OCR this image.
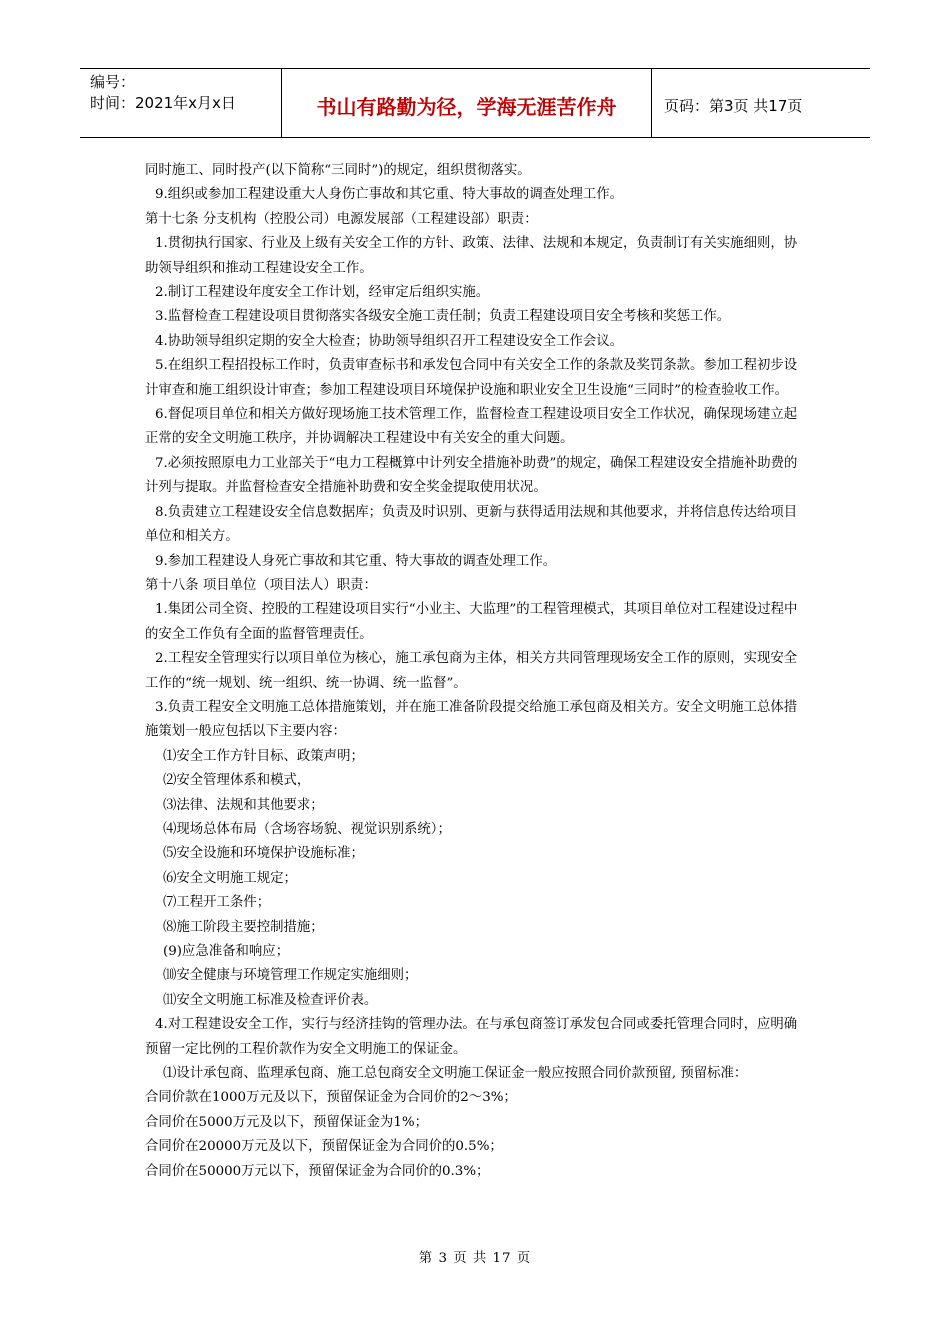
编号：
时间：2021年x月x日	书山有路勤为径，学海无涯苦作舟	页码：第3页 共17页

同时施工、同时投产(以下简称“三同时”)的规定，组织贯彻落实。

9.组织或参加工程建设重大人身伤亡事故和其它重、特大事故的调查处理工作。

第十七条 分支机构（控股公司）电源发展部（工程建设部）职责：

1.贯彻执行国家、行业及上级有关安全工作的方针、政策、法律、法规和本规定，负责制订有关实施细则，协助领导组织和推动工程建设安全工作。

2.制订工程建设年度安全工作计划，经审定后组织实施。

3.监督检查工程建设项目贯彻落实各级安全施工责任制；负责工程建设项目安全考核和奖惩工作。

4.协助领导组织定期的安全大检查；协助领导组织召开工程建设安全工作会议。

5.在组织工程招投标工作时，负责审查标书和承发包合同中有关安全工作的条款及奖罚条款。参加工程初步设计审查和施工组织设计审查；参加工程建设项目环境保护设施和职业安全卫生设施“三同时”的检查验收工作。

6.督促项目单位和相关方做好现场施工技术管理工作，监督检查工程建设项目安全工作状况，确保现场建立起正常的安全文明施工秩序，并协调解决工程建设中有关安全的重大问题。

7.必须按照原电力工业部关于“电力工程概算中计列安全措施补助费”的规定，确保工程建设安全措施补助费的计列与提取。并监督检查安全措施补助费和安全奖金提取使用状况。

8.负责建立工程建设安全信息数据库；负责及时识别、更新与获得适用法规和其他要求，并将信息传达给项目单位和相关方。

9.参加工程建设人身死亡事故和其它重、特大事故的调查处理工作。

第十八条 项目单位（项目法人）职责：

1.集团公司全资、控股的工程建设项目实行“小业主、大监理”的工程管理模式，其项目单位对工程建设过程中的安全工作负有全面的监督管理责任。

2.工程安全管理实行以项目单位为核心，施工承包商为主体，相关方共同管理现场安全工作的原则，实现安全工作的“统一规划、统一组织、统一协调、统一监督”。

3.负责工程安全文明施工总体措施策划，并在施工准备阶段提交给施工承包商及相关方。安全文明施工总体措施策划一般应包括以下主要内容：

⑴安全工作方针目标、政策声明；

⑵安全管理体系和模式，

⑶法律、法规和其他要求；

⑷现场总体布局（含场容场貌、视觉识别系统）；

⑸安全设施和环境保护设施标准；

⑹安全文明施工规定；

⑺工程开工条件；

⑻施工阶段主要控制措施；

(9)应急准备和响应；

⑽安全健康与环境管理工作规定实施细则；

⑾安全文明施工标准及检查评价表。

4.对工程建设安全工作，实行与经济挂钩的管理办法。在与承包商签订承发包合同或委托管理合同时，应明确预留一定比例的工程价款作为安全文明施工的保证金。

⑴设计承包商、监理承包商、施工总包商安全文明施工保证金一般应按照合同价款预留, 预留标准：

合同价款在1000万元及以下，预留保证金为合同价的2～3%；

合同价在5000万元及以下，预留保证金为1%；

合同价在20000万元及以下，预留保证金为合同价的0.5%；

合同价在50000万元以下，预留保证金为合同价的0.3%；

第 3 页 共 17 页
